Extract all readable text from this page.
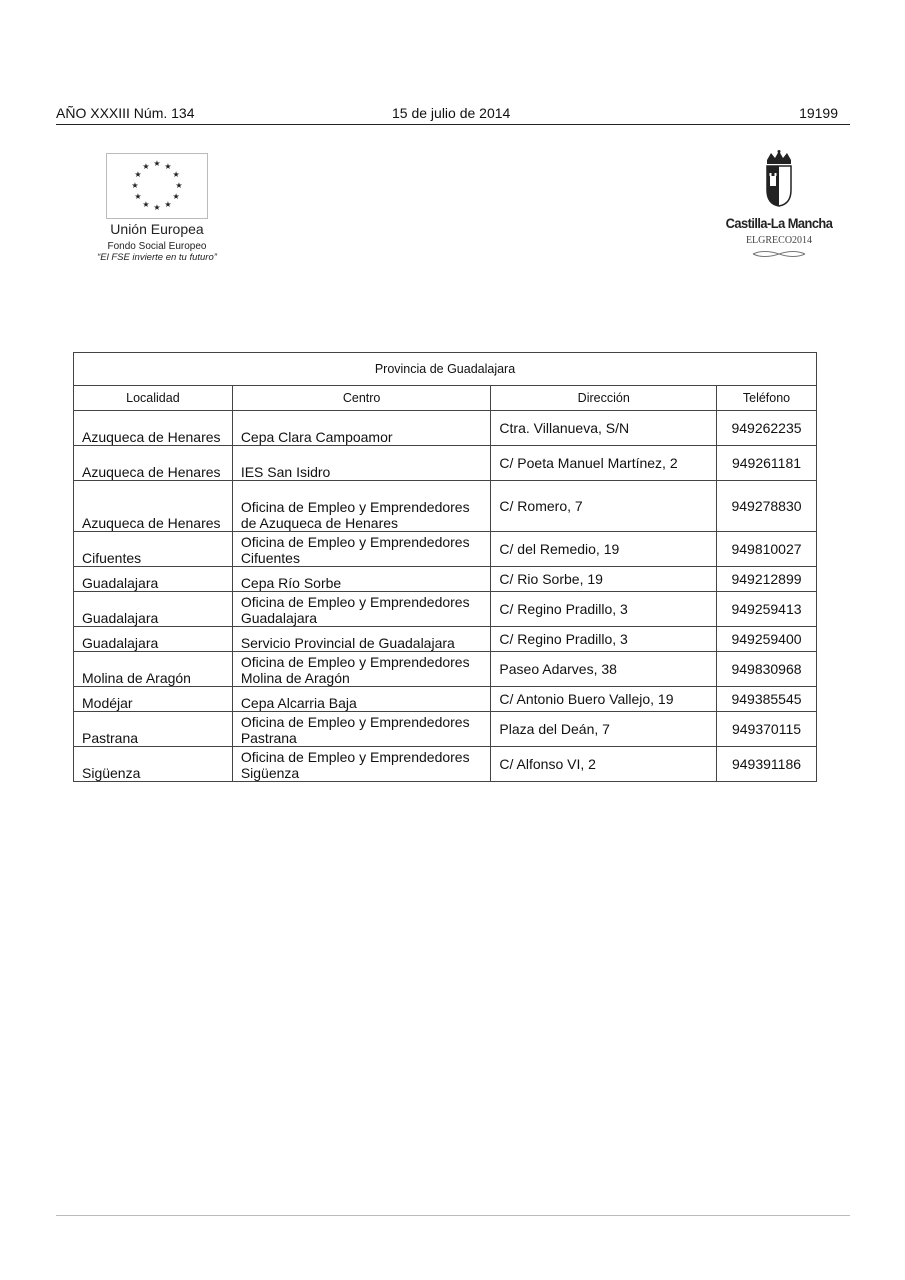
AÑO XXXIII Núm. 134	15 de julio de 2014	19199
★ ★
★
★
★
★
★
★
★
★
★
★
Unión Europea
Fondo Social Europeo
“El FSE invierte en tu futuro”
Castilla-La Mancha
ELGRECO2014
Provincia de Guadalajara			
Localidad	Centro	Dirección	Teléfono
Azuqueca de Henares	Cepa Clara Campoamor	Ctra. Villanueva, S/N	949262235
Azuqueca de Henares	IES San Isidro	C/ Poeta Manuel Martínez, 2	949261181
Azuqueca de Henares	Oficina de Empleo y Emprendedores de Azuqueca de Henares	C/ Romero, 7	949278830
Cifuentes	Oficina de Empleo y Emprendedores Cifuentes	C/ del Remedio, 19	949810027
Guadalajara	Cepa Río Sorbe	C/ Rio Sorbe, 19	949212899
Guadalajara	Oficina de Empleo y Emprendedores Guadalajara	C/ Regino Pradillo, 3	949259413
Guadalajara	Servicio Provincial de Guadalajara	C/ Regino Pradillo, 3	949259400
Molina de Aragón	Oficina de Empleo y Emprendedores Molina de Aragón	Paseo Adarves, 38	949830968
Modéjar	Cepa Alcarria Baja	C/ Antonio Buero Vallejo, 19	949385545
Pastrana	Oficina de Empleo y Emprendedores Pastrana	Plaza del Deán, 7	949370115
Sigüenza	Oficina de Empleo y Emprendedores Sigüenza	C/ Alfonso VI, 2	949391186
